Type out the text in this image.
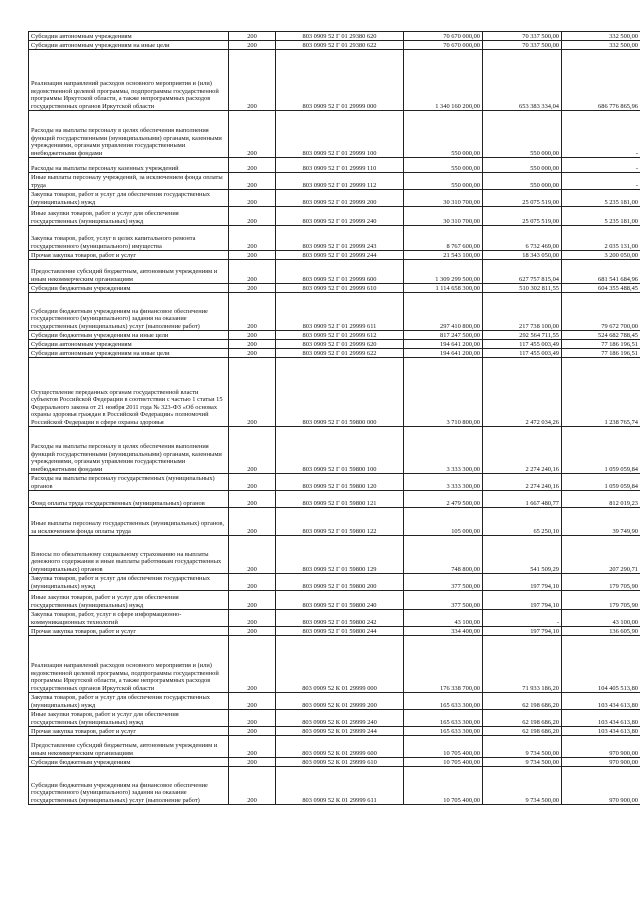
Субсидии автономным учреждениям	200	803 0909 52 Г 01 29380 620	70 670 000,00	70 337 500,00	332 500,00
Субсидии автономным учреждениям на иные цели	200	803 0909 52 Г 01 29380 622	70 670 000,00	70 337 500,00	332 500,00
Реализация направлений расходов основного мероприятия и (или) ведомственной целевой программы, подпрограммы государственной программы Иркутской области, а также непрограммных расходов государственных органов Иркутской области	200	803 0909 52 Г 01 29999 000	1 340 160 200,00	653 383 334,04	686 776 865,96
Расходы на выплаты персоналу в целях обеспечения выполнения функций государственными (муниципальными) органами, казенными учреждениями, органами управления государственными внебюджетными фондами	200	803 0909 52 Г 01 29999 100	550 000,00	550 000,00	-
Расходы на выплаты персоналу казенных учреждений	200	803 0909 52 Г 01 29999 110	550 000,00	550 000,00	-
Иные выплаты персоналу учреждений, за исключением фонда оплаты труда	200	803 0909 52 Г 01 29999 112	550 000,00	550 000,00	-
Закупка товаров, работ и услуг для обеспечения государственных (муниципальных) нужд	200	803 0909 52 Г 01 29999 200	30 310 700,00	25 075 519,00	5 235 181,00
Иные закупки товаров, работ и услуг для обеспечения государственных (муниципальных) нужд	200	803 0909 52 Г 01 29999 240	30 310 700,00	25 075 519,00	5 235 181,00
Закупка товаров, работ, услуг в целях капитального ремонта государственного (муниципального) имущества	200	803 0909 52 Г 01 29999 243	8 767 600,00	6 732 469,00	2 035 131,00
Прочая закупка товаров, работ и услуг	200	803 0909 52 Г 01 29999 244	21 543 100,00	18 343 050,00	3 200 050,00
Предоставление субсидий бюджетным, автономным учреждениям и иным некоммерческим организациям	200	803 0909 52 Г 01 29999 600	1 309 299 500,00	627 757 815,04	681 541 684,96
Субсидии бюджетным учреждениям	200	803 0909 52 Г 01 29999 610	1 114 658 300,00	510 302 811,55	604 355 488,45
Субсидии бюджетным учреждениям на финансовое обеспечение государственного (муниципального) задания на оказание государственных (муниципальных) услуг (выполнение работ)	200	803 0909 52 Г 01 29999 611	297 410 800,00	217 738 100,00	79 672 700,00
Субсидии бюджетным учреждениям на иные цели	200	803 0909 52 Г 01 29999 612	817 247 500,00	292 564 711,55	524 682 788,45
Субсидии автономным учреждениям	200	803 0909 52 Г 01 29999 620	194 641 200,00	117 455 003,49	77 186 196,51
Субсидии автономным учреждениям на иные цели	200	803 0909 52 Г 01 29999 622	194 641 200,00	117 455 003,49	77 186 196,51
Осуществление переданных органам государственной власти субъектов Российской Федерации в соответствии с частью 1 статьи 15 Федерального закона от 21 ноября 2011 года № 323-ФЗ «Об основах охраны здоровья граждан в Российской Федерации» полномочий Российской Федерации в сфере охраны здоровья	200	803 0909 52 Г 01 59800 000	3 710 800,00	2 472 034,26	1 238 765,74
Расходы на выплаты персоналу в целях обеспечения выполнения функций государственными (муниципальными) органами, казенными учреждениями, органами управления государственными внебюджетными фондами	200	803 0909 52 Г 01 59800 100	3 333 300,00	2 274 240,16	1 059 059,84
Расходы на выплаты персоналу государственных (муниципальных) органов	200	803 0909 52 Г 01 59800 120	3 333 300,00	2 274 240,16	1 059 059,84
Фонд оплаты труда государственных (муниципальных) органов	200	803 0909 52 Г 01 59800 121	2 479 500,00	1 667 480,77	812 019,23
Иные выплаты персоналу государственных (муниципальных) органов, за исключением фонда оплаты труда	200	803 0909 52 Г 01 59800 122	105 000,00	65 250,10	39 749,90
Взносы по обязательному социальному страхованию на выплаты денежного содержания и иные выплаты работникам государственных (муниципальных) органов	200	803 0909 52 Г 01 59800 129	748 800,00	541 509,29	207 290,71
Закупка товаров, работ и услуг для обеспечения государственных (муниципальных) нужд	200	803 0909 52 Г 01 59800 200	377 500,00	197 794,10	179 705,90
Иные закупки товаров, работ и услуг для обеспечения государственных (муниципальных) нужд	200	803 0909 52 Г 01 59800 240	377 500,00	197 794,10	179 705,90
Закупка товаров, работ, услуг в сфере информационно-коммуникационных технологий	200	803 0909 52 Г 01 59800 242	43 100,00	-	43 100,00
Прочая закупка товаров, работ и услуг	200	803 0909 52 Г 01 59800 244	334 400,00	197 794,10	136 605,90
Реализация направлений расходов основного мероприятия и (или) ведомственной целевой программы, подпрограммы государственной программы Иркутской области, а также непрограммных расходов государственных органов Иркутской области	200	803 0909 52 К 01 29999 000	176 338 700,00	71 933 186,20	104 405 513,80
Закупка товаров, работ и услуг для обеспечения государственных (муниципальных) нужд	200	803 0909 52 К 01 29999 200	165 633 300,00	62 198 686,20	103 434 613,80
Иные закупки товаров, работ и услуг для обеспечения государственных (муниципальных) нужд	200	803 0909 52 К 01 29999 240	165 633 300,00	62 198 686,20	103 434 613,80
Прочая закупка товаров, работ и услуг	200	803 0909 52 К 01 29999 244	165 633 300,00	62 198 686,20	103 434 613,80
Предоставление субсидий бюджетным, автономным учреждениям и иным некоммерческим организациям	200	803 0909 52 К 01 29999 600	10 705 400,00	9 734 500,00	970 900,00
Субсидии бюджетным учреждениям	200	803 0909 52 К 01 29999 610	10 705 400,00	9 734 500,00	970 900,00
Субсидии бюджетным учреждениям на финансовое обеспечение государственного (муниципального) задания на оказание государственных (муниципальных) услуг (выполнение работ)	200	803 0909 52 К 01 29999 611	10 705 400,00	9 734 500,00	970 900,00
